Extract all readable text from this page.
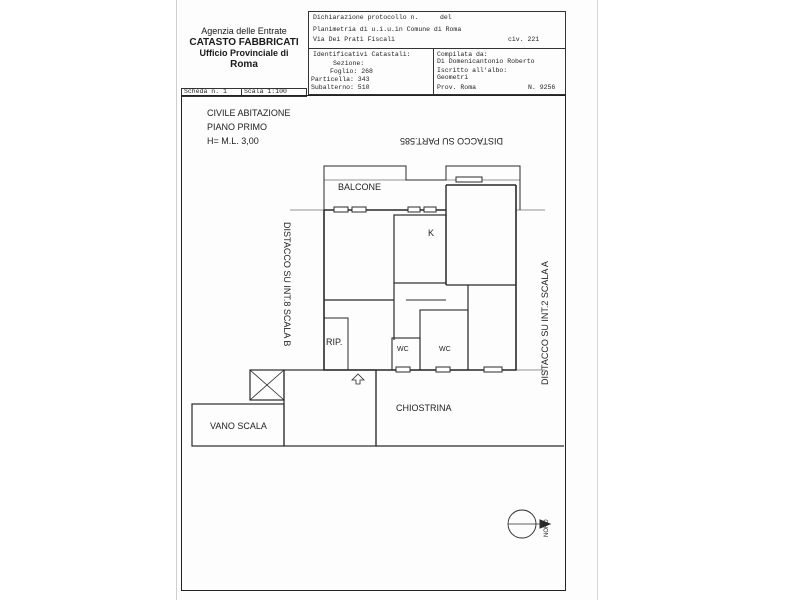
Agenzia delle Entrate
CATASTO FABBRICATI
Ufficio Provinciale di
Roma
Dichiarazione protocollo n.	del
Planimetria di u.i.u.in Comune di Roma
Via Dei Prati Fiscali	civ. 221
Identificativi Catastali:
Sezione:
Foglio: 268
Particella: 343
Subalterno: 510
Compilata da:
Di Domenicantonio Roberto
Iscritto all'albo:
Geometri
Prov. Roma	N. 9256
Scheda n. 1	Scala 1:100
CIVILE ABITAZIONE
PIANO PRIMO
H= M.L. 3,00	DISTACCO SU PART.585
DISTACCO SU INT.8 SCALA B	DISTACCO SU INT.2 SCALA A
BALCONE
K
RIP.
WC	WC
CHIOSTRINA
VANO SCALA
NORD
